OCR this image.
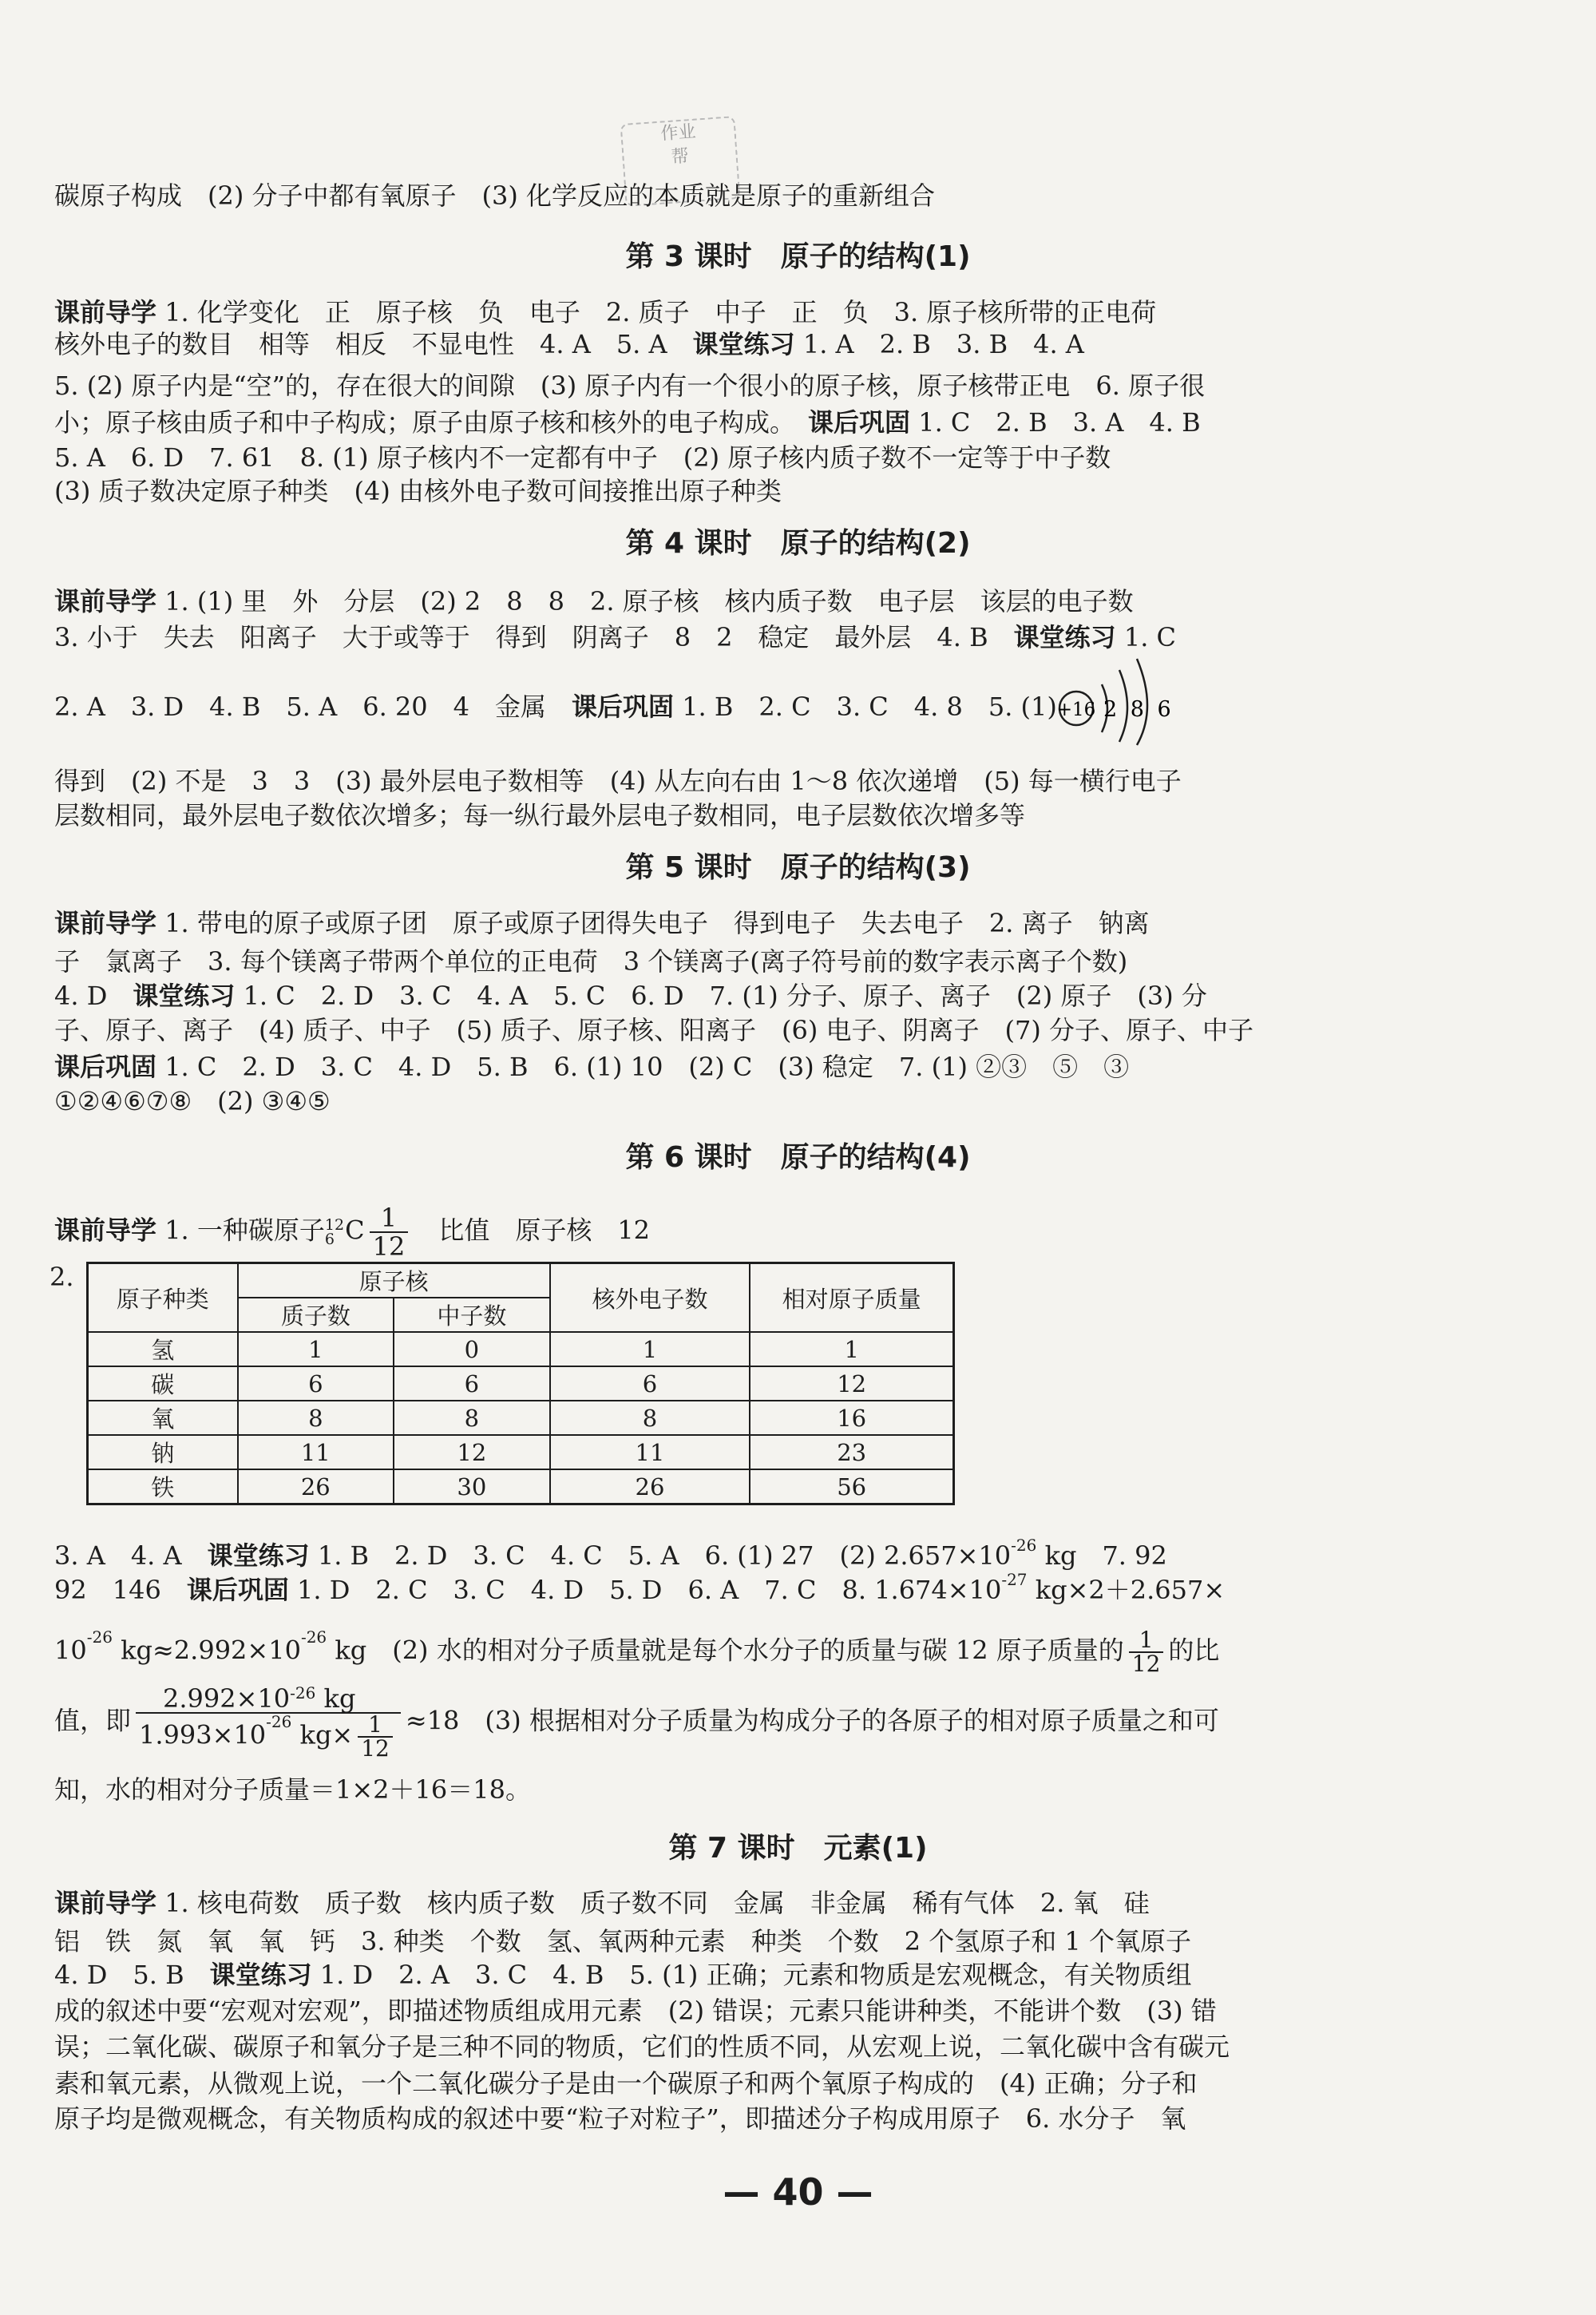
作业
帮
碳原子构成　(2) 分子中都有氧原子　(3) 化学反应的本质就是原子的重新组合
第 3 课时　原子的结构(1)
课前导学 1. 化学变化　正　原子核　负　电子　2. 质子　中子　正　负　3. 原子核所带的正电荷
核外电子的数目　相等　相反　不显电性　4. A　5. A　课堂练习 1. A　2. B　3. B　4. A
5. (2) 原子内是“空”的，存在很大的间隙　(3) 原子内有一个很小的原子核，原子核带正电　6. 原子很
小；原子核由质子和中子构成；原子由原子核和核外的电子构成。　课后巩固 1. C　2. B　3. A　4. B
5. A　6. D　7. 61　8. (1) 原子核内不一定都有中子　(2) 原子核内质子数不一定等于中子数
(3) 质子数决定原子种类　(4) 由核外电子数可间接推出原子种类
第 4 课时　原子的结构(2)
课前导学 1. (1) 里　外　分层　(2) 2　8　8　2. 原子核　核内质子数　电子层　该层的电子数
3. 小于　失去　阳离子　大于或等于　得到　阴离子　8　2　稳定　最外层　4. B　课堂练习 1. C
2. A　3. D　4. B　5. A　6. 20　4　金属　课后巩固 1. B　2. C　3. C　4. 8　5. (1) +16 2 8 6
得到　(2) 不是　3　3　(3) 最外层电子数相等　(4) 从左向右由 1～8 依次递增　(5) 每一横行电子
层数相同，最外层电子数依次增多；每一纵行最外层电子数相同，电子层数依次增多等
第 5 课时　原子的结构(3)
课前导学 1. 带电的原子或原子团　原子或原子团得失电子　得到电子　失去电子　2. 离子　钠离
子　氯离子　3. 每个镁离子带两个单位的正电荷　3 个镁离子(离子符号前的数字表示离子个数)
4. D　课堂练习 1. C　2. D　3. C　4. A　5. C　6. D　7. (1) 分子、原子、离子　(2) 原子　(3) 分
子、原子、离子　(4) 质子、中子　(5) 质子、原子核、阳离子　(6) 电子、阴离子　(7) 分子、原子、中子
课后巩固 1. C　2. D　3. C　4. D　5. B　6. (1) 10　(2) C　(3) 稳定　7. (1) ②③　⑤　③
①②④⑥⑦⑧　(2) ③④⑤
第 6 课时　原子的结构(4)
课前导学 1. 一种碳原子 12
6 C $\frac{1}{12}$
　 比值　原子核　12
2.
原子种类	原子核		核外电子数	相对原子质量
	质子数	中子数		
氢	1	0	1	1
碳	6	6	6	12
氧	8	8	8	16
钠	11	12	11	23
铁	26	30	26	56
3. A　4. A　课堂练习 1. B　2. D　3. C　4. C　5. A　6. (1) 27　(2) $2.657\times 10^{-26}$ kg　7. 92
92　146　课后巩固 1. D　2. C　3. C　4. D　5. D　6. A　7. C　8. $1.674\times 10^{-27}$ kg×2＋2.657×
$10^{-26}$ $kg\approx 2.992\times 10^{-26}$ kg　(2) 水的相对分子质量就是每个水分子的质量与碳 12 原子质量的 $\frac{1}{12}$ 的比
值，即 $\frac{2.992\times 10^{-26} kg}{1.993\times 10^{-26} kg\times \frac{1}{12}} \approx 18$　(3) 根据相对分子质量为构成分子的各原子的相对原子质量之和可
知，水的相对分子质量＝1×2＋16＝18。
第 7 课时　元素(1)
课前导学 1. 核电荷数　质子数　核内质子数　质子数不同　金属　非金属　稀有气体　2. 氧　硅
铝　铁　氮　氧　氧　钙　3. 种类　个数　氢、氧两种元素　种类　个数　2 个氢原子和 1 个氧原子
4. D　5. B　课堂练习 1. D　2. A　3. C　4. B　5. (1) 正确；元素和物质是宏观概念，有关物质组
成的叙述中要“宏观对宏观”，即描述物质组成用元素　(2) 错误；元素只能讲种类，不能讲个数　(3) 错
误；二氧化碳、碳原子和氧分子是三种不同的物质，它们的性质不同，从宏观上说，二氧化碳中含有碳元
素和氧元素，从微观上说，一个二氧化碳分子是由一个碳原子和两个氧原子构成的　(4) 正确；分子和
原子均是微观概念，有关物质构成的叙述中要“粒子对粒子”，即描述分子构成用原子　6. 水分子　氧
— 40 —
